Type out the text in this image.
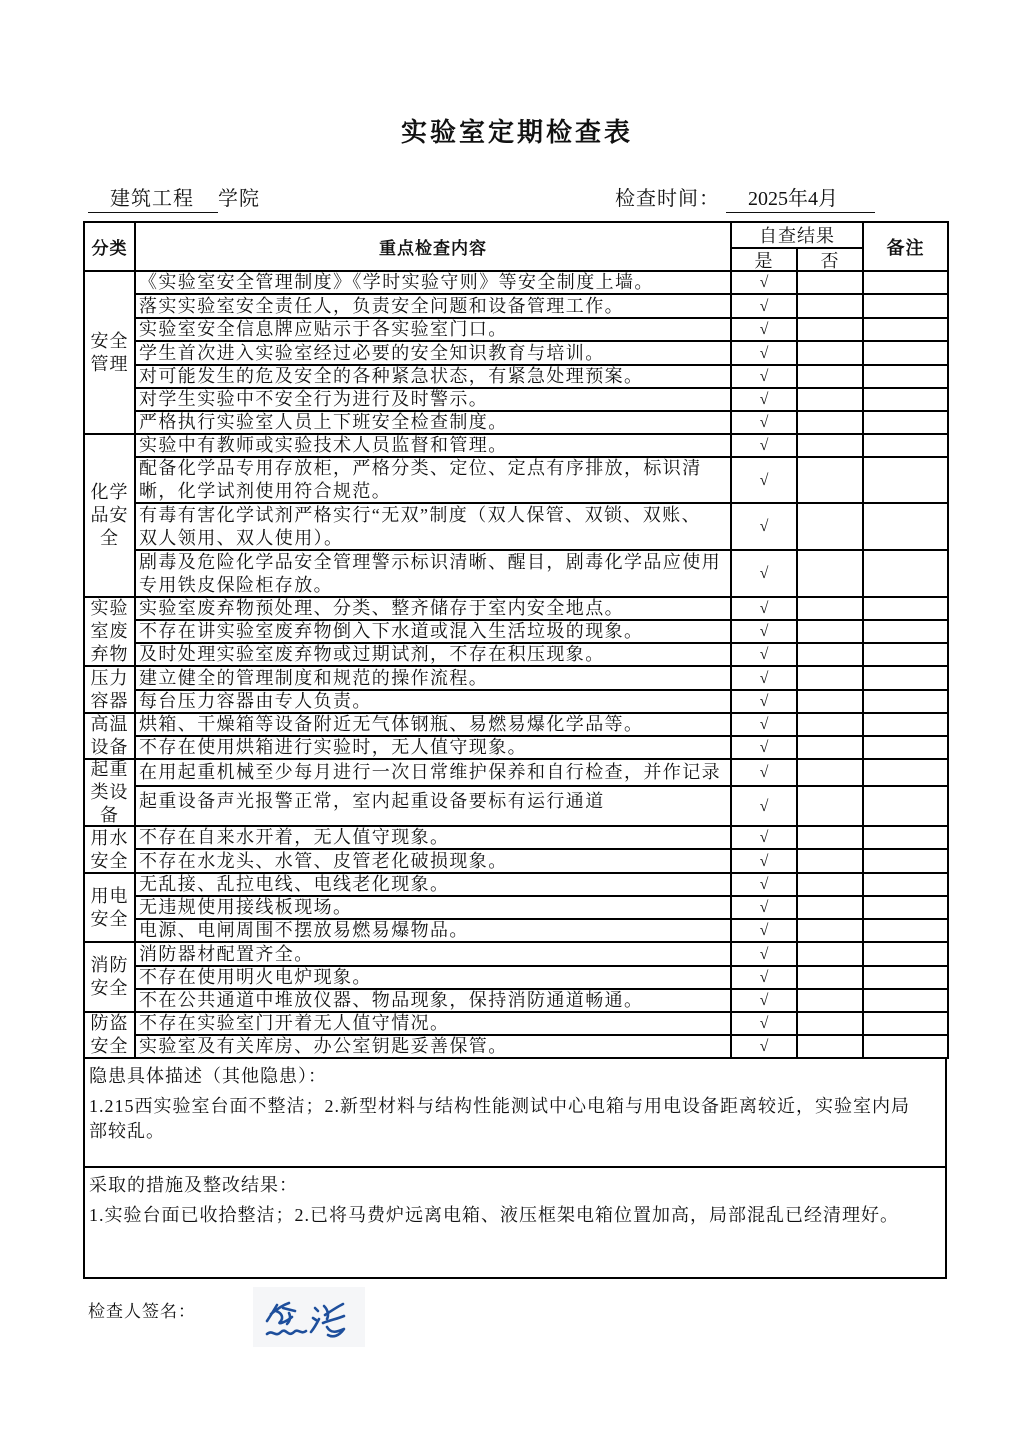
实验室定期检查表
建筑工程 学院	检查时间： 2025年4月
分类	重点检查内容	自查结果		备注

是	否	

安全管理	《实验室安全管理制度》《学时实验守则》等安全制度上墙。	√		

落实实验室安全责任人，负责安全问题和设备管理工作。	√		

实验室安全信息牌应贴示于各实验室门口。	√		

学生首次进入实验室经过必要的安全知识教育与培训。	√		

对可能发生的危及安全的各种紧急状态，有紧急处理预案。	√		

对学生实验中不安全行为进行及时警示。	√		

严格执行实验室人员上下班安全检查制度。	√		

化学品安全	实验中有教师或实验技术人员监督和管理。	√		

配备化学品专用存放柜，严格分类、定位、定点有序排放，标识清
晰，化学试剂使用符合规范。	√		

有毒有害化学试剂严格实行“无双”制度（双人保管、双锁、双账、
双人领用、双人使用）。	√		

剧毒及危险化学品安全管理警示标识清晰、醒目，剧毒化学品应使用
专用铁皮保险柜存放。	√		

实验室废弃物	实验室废弃物预处理、分类、整齐储存于室内安全地点。	√		

不存在讲实验室废弃物倒入下水道或混入生活垃圾的现象。	√		

及时处理实验室废弃物或过期试剂，不存在积压现象。	√		

压力容器	建立健全的管理制度和规范的操作流程。	√		

每台压力容器由专人负责。	√		

高温设备	烘箱、干燥箱等设备附近无气体钢瓶、易燃易爆化学品等。	√		

不存在使用烘箱进行实验时，无人值守现象。	√		

起重类设备	在用起重机械至少每月进行一次日常维护保养和自行检查，并作记录	√		

起重设备声光报警正常，室内起重设备要标有运行通道	√		

用水安全	不存在自来水开着，无人值守现象。	√		

不存在水龙头、水管、皮管老化破损现象。	√		

用电安全	无乱接、乱拉电线、电线老化现象。	√		

无违规使用接线板现场。	√		

电源、电闸周围不摆放易燃易爆物品。	√		

消防安全	消防器材配置齐全。	√		

不存在使用明火电炉现象。	√		

不在公共通道中堆放仪器、物品现象，保持消防通道畅通。	√		

防盗安全	不存在实验室门开着无人值守情况。	√		

实验室及有关库房、办公室钥匙妥善保管。	√		

隐患具体描述（其他隐患）：
1.215西实验室台面不整洁；2.新型材料与结构性能测试中心电箱与用电设备距离较近，实验室内局
部较乱。
采取的措施及整改结果：
1.实验台面已收拾整洁；2.已将马费炉远离电箱、液压框架电箱位置加高，局部混乱已经清理好。
检查人签名：
